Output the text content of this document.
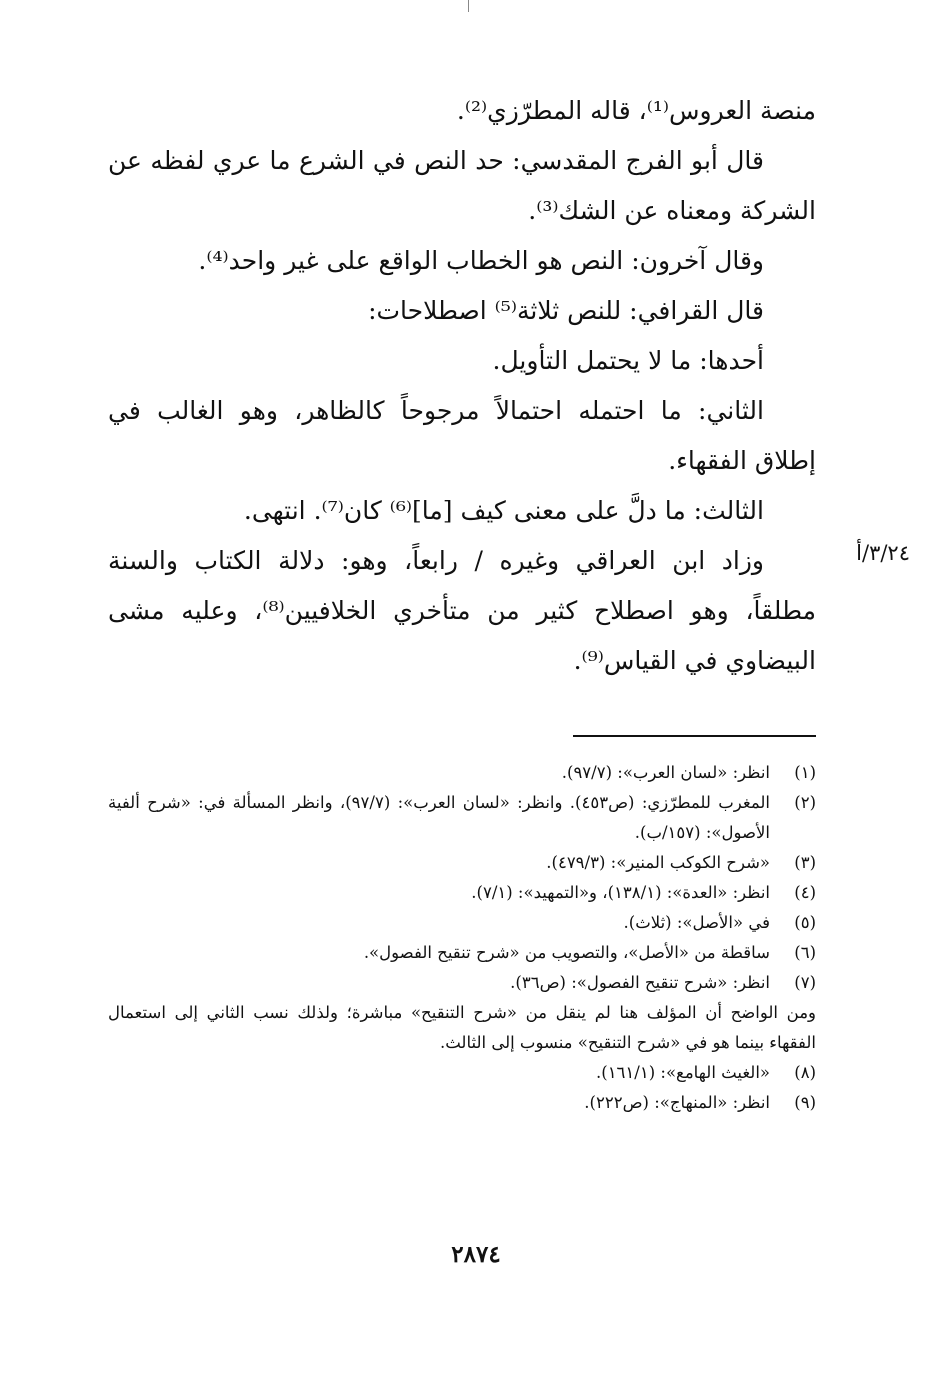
منصة العروس⁽¹⁾، قاله المطرّزي⁽²⁾.

قال أبو الفرج المقدسي: حد النص في الشرع ما عري لفظه عن الشركة ومعناه عن الشك⁽³⁾.

وقال آخرون: النص هو الخطاب الواقع على غير واحد⁽⁴⁾.

قال القرافي: للنص ثلاثة⁽⁵⁾ اصطلاحات:

أحدها: ما لا يحتمل التأويل.

الثاني: ما احتمله احتمالاً مرجوحاً كالظاهر، وهو الغالب في إطلاق الفقهاء.

الثالث: ما دلَّ على معنى كيف [ما]⁽⁶⁾ كان⁽⁷⁾. انتهى.

وزاد ابن العراقي وغيره / رابعاً، وهو: دلالة الكتاب والسنة مطلقاً، وهو اصطلاح كثير من متأخري الخلافيين⁽⁸⁾، وعليه مشى البيضاوي في القياس⁽⁹⁾.

٣/٢٤/أ
(١)
انظر: «لسان العرب»: (٩٧/٧).
(٢)
المغرب للمطرّزي: (ص٤٥٣). وانظر: «لسان العرب»: (٩٧/٧)، وانظر المسألة في: «شرح ألفية الأصول»: (١٥٧/ب).
(٣)
«شرح الكوكب المنير»: (٤٧٩/٣).
(٤)
انظر: «العدة»: (١٣٨/١)، و«التمهيد»: (٧/١).
(٥)
في «الأصل»: (ثلاث).
(٦)
ساقطة من «الأصل»، والتصويب من «شرح تنقيح الفصول».
(٧)
انظر: «شرح تنقيح الفصول»: (ص٣٦).
ومن الواضح أن المؤلف هنا لم ينقل من «شرح التنقيح» مباشرة؛ ولذلك نسب الثاني إلى استعمال الفقهاء بينما هو في «شرح التنقيح» منسوب إلى الثالث.
(٨)
«الغيث الهامع»: (١٦١/١).
(٩)
انظر: «المنهاج»: (ص٢٢٢).
٢٨٧٤
